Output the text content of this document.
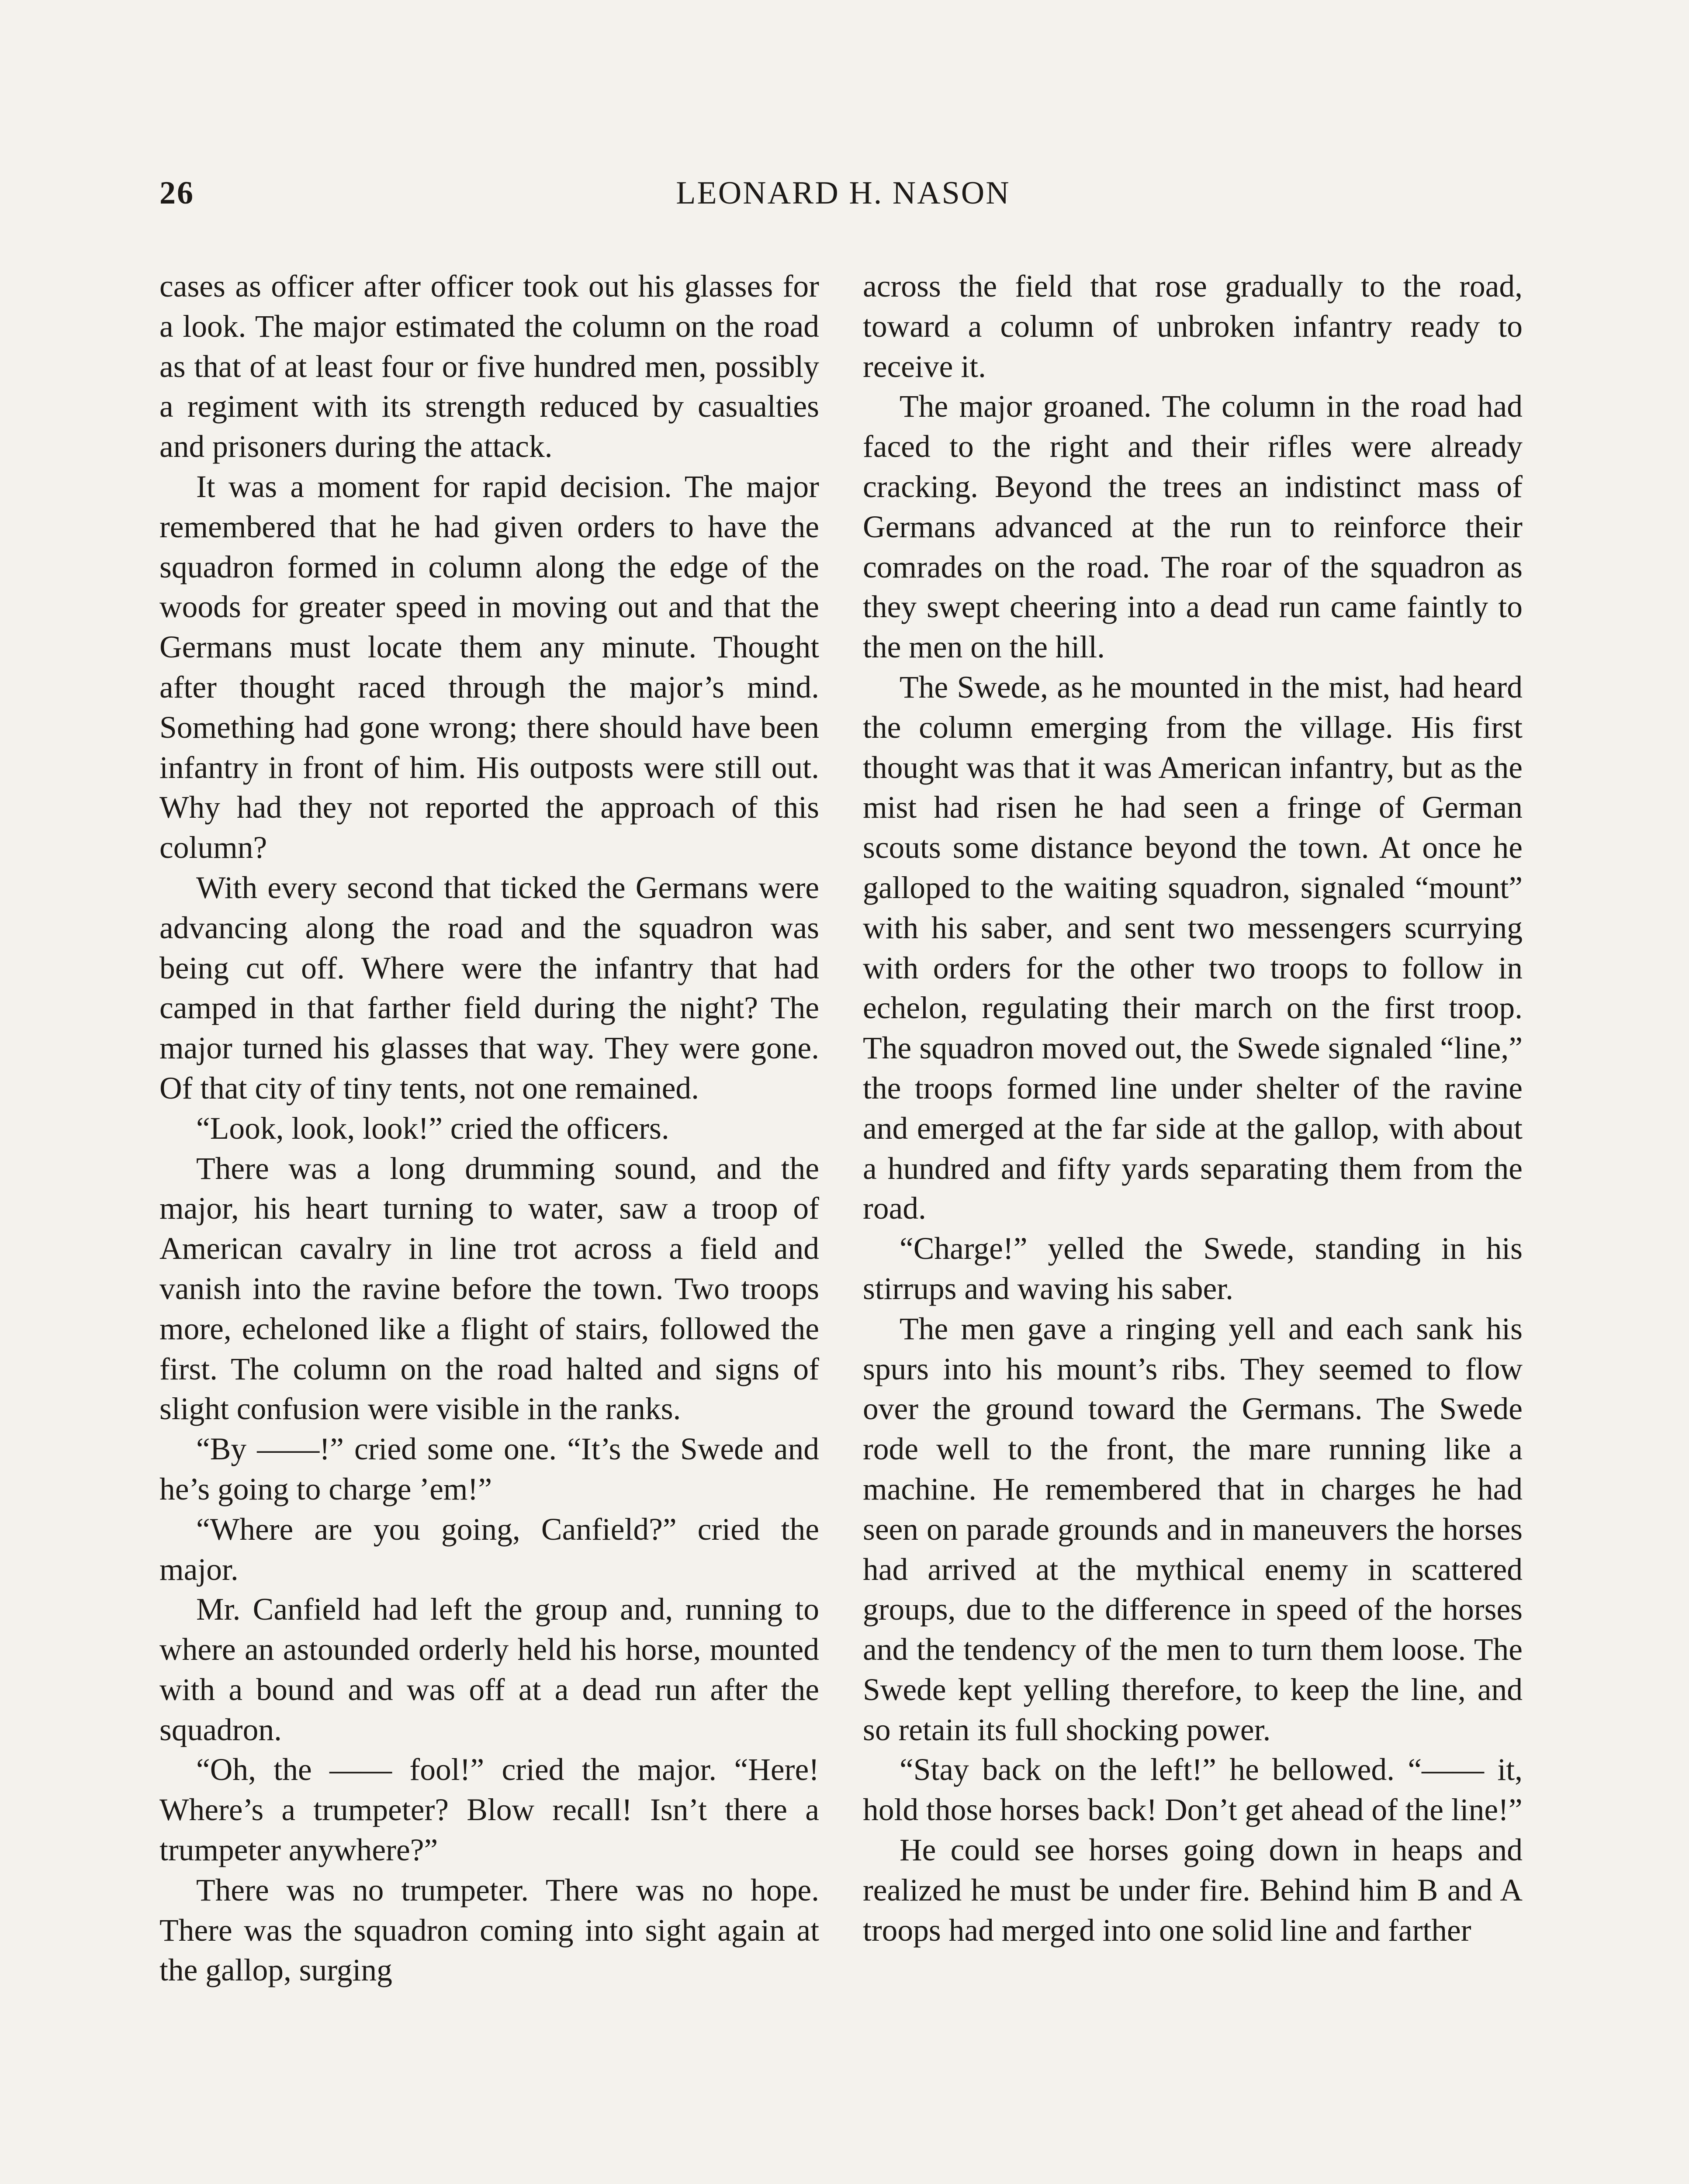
26	LEONARD H. NASON

cases as officer after officer took out his glasses for a look. The major estimated the column on the road as that of at least four or five hundred men, possibly a regiment with its strength reduced by casualties and prisoners during the attack.

It was a moment for rapid decision. The major remembered that he had given orders to have the squadron formed in column along the edge of the woods for greater speed in moving out and that the Germans must locate them any minute. Thought after thought raced through the major’s mind. Something had gone wrong; there should have been infantry in front of him. His outposts were still out. Why had they not reported the approach of this column?

With every second that ticked the Germans were advancing along the road and the squadron was being cut off. Where were the infantry that had camped in that farther field during the night? The major turned his glasses that way. They were gone. Of that city of tiny tents, not one remained.

“Look, look, look!” cried the officers.

There was a long drumming sound, and the major, his heart turning to water, saw a troop of American cavalry in line trot across a field and vanish into the ravine before the town. Two troops more, echeloned like a flight of stairs, followed the first. The column on the road halted and signs of slight confusion were visible in the ranks.

“By ——!” cried some one. “It’s the Swede and he’s going to charge ’em!”

“Where are you going, Canfield?” cried the major.

Mr. Canfield had left the group and, running to where an astounded orderly held his horse, mounted with a bound and was off at a dead run after the squadron.

“Oh, the —— fool!” cried the major. “Here! Where’s a trumpeter? Blow recall! Isn’t there a trumpeter anywhere?”

There was no trumpeter. There was no hope. There was the squadron coming into sight again at the gallop, surging

across the field that rose gradually to the road, toward a column of unbroken infantry ready to receive it.

The major groaned. The column in the road had faced to the right and their rifles were already cracking. Beyond the trees an indistinct mass of Germans advanced at the run to reinforce their comrades on the road. The roar of the squadron as they swept cheering into a dead run came faintly to the men on the hill.

The Swede, as he mounted in the mist, had heard the column emerging from the village. His first thought was that it was American infantry, but as the mist had risen he had seen a fringe of German scouts some distance beyond the town. At once he galloped to the waiting squadron, signaled “mount” with his saber, and sent two messengers scurrying with orders for the other two troops to follow in echelon, regulating their march on the first troop. The squadron moved out, the Swede signaled “line,” the troops formed line under shelter of the ravine and emerged at the far side at the gallop, with about a hundred and fifty yards separating them from the road.

“Charge!” yelled the Swede, standing in his stirrups and waving his saber.

The men gave a ringing yell and each sank his spurs into his mount’s ribs. They seemed to flow over the ground toward the Germans. The Swede rode well to the front, the mare running like a machine. He remembered that in charges he had seen on parade grounds and in maneuvers the horses had arrived at the mythical enemy in scattered groups, due to the difference in speed of the horses and the tendency of the men to turn them loose. The Swede kept yelling therefore, to keep the line, and so retain its full shocking power.

“Stay back on the left!” he bellowed. “—— it, hold those horses back! Don’t get ahead of the line!”

He could see horses going down in heaps and realized he must be under fire. Behind him B and A troops had merged into one solid line and farther
